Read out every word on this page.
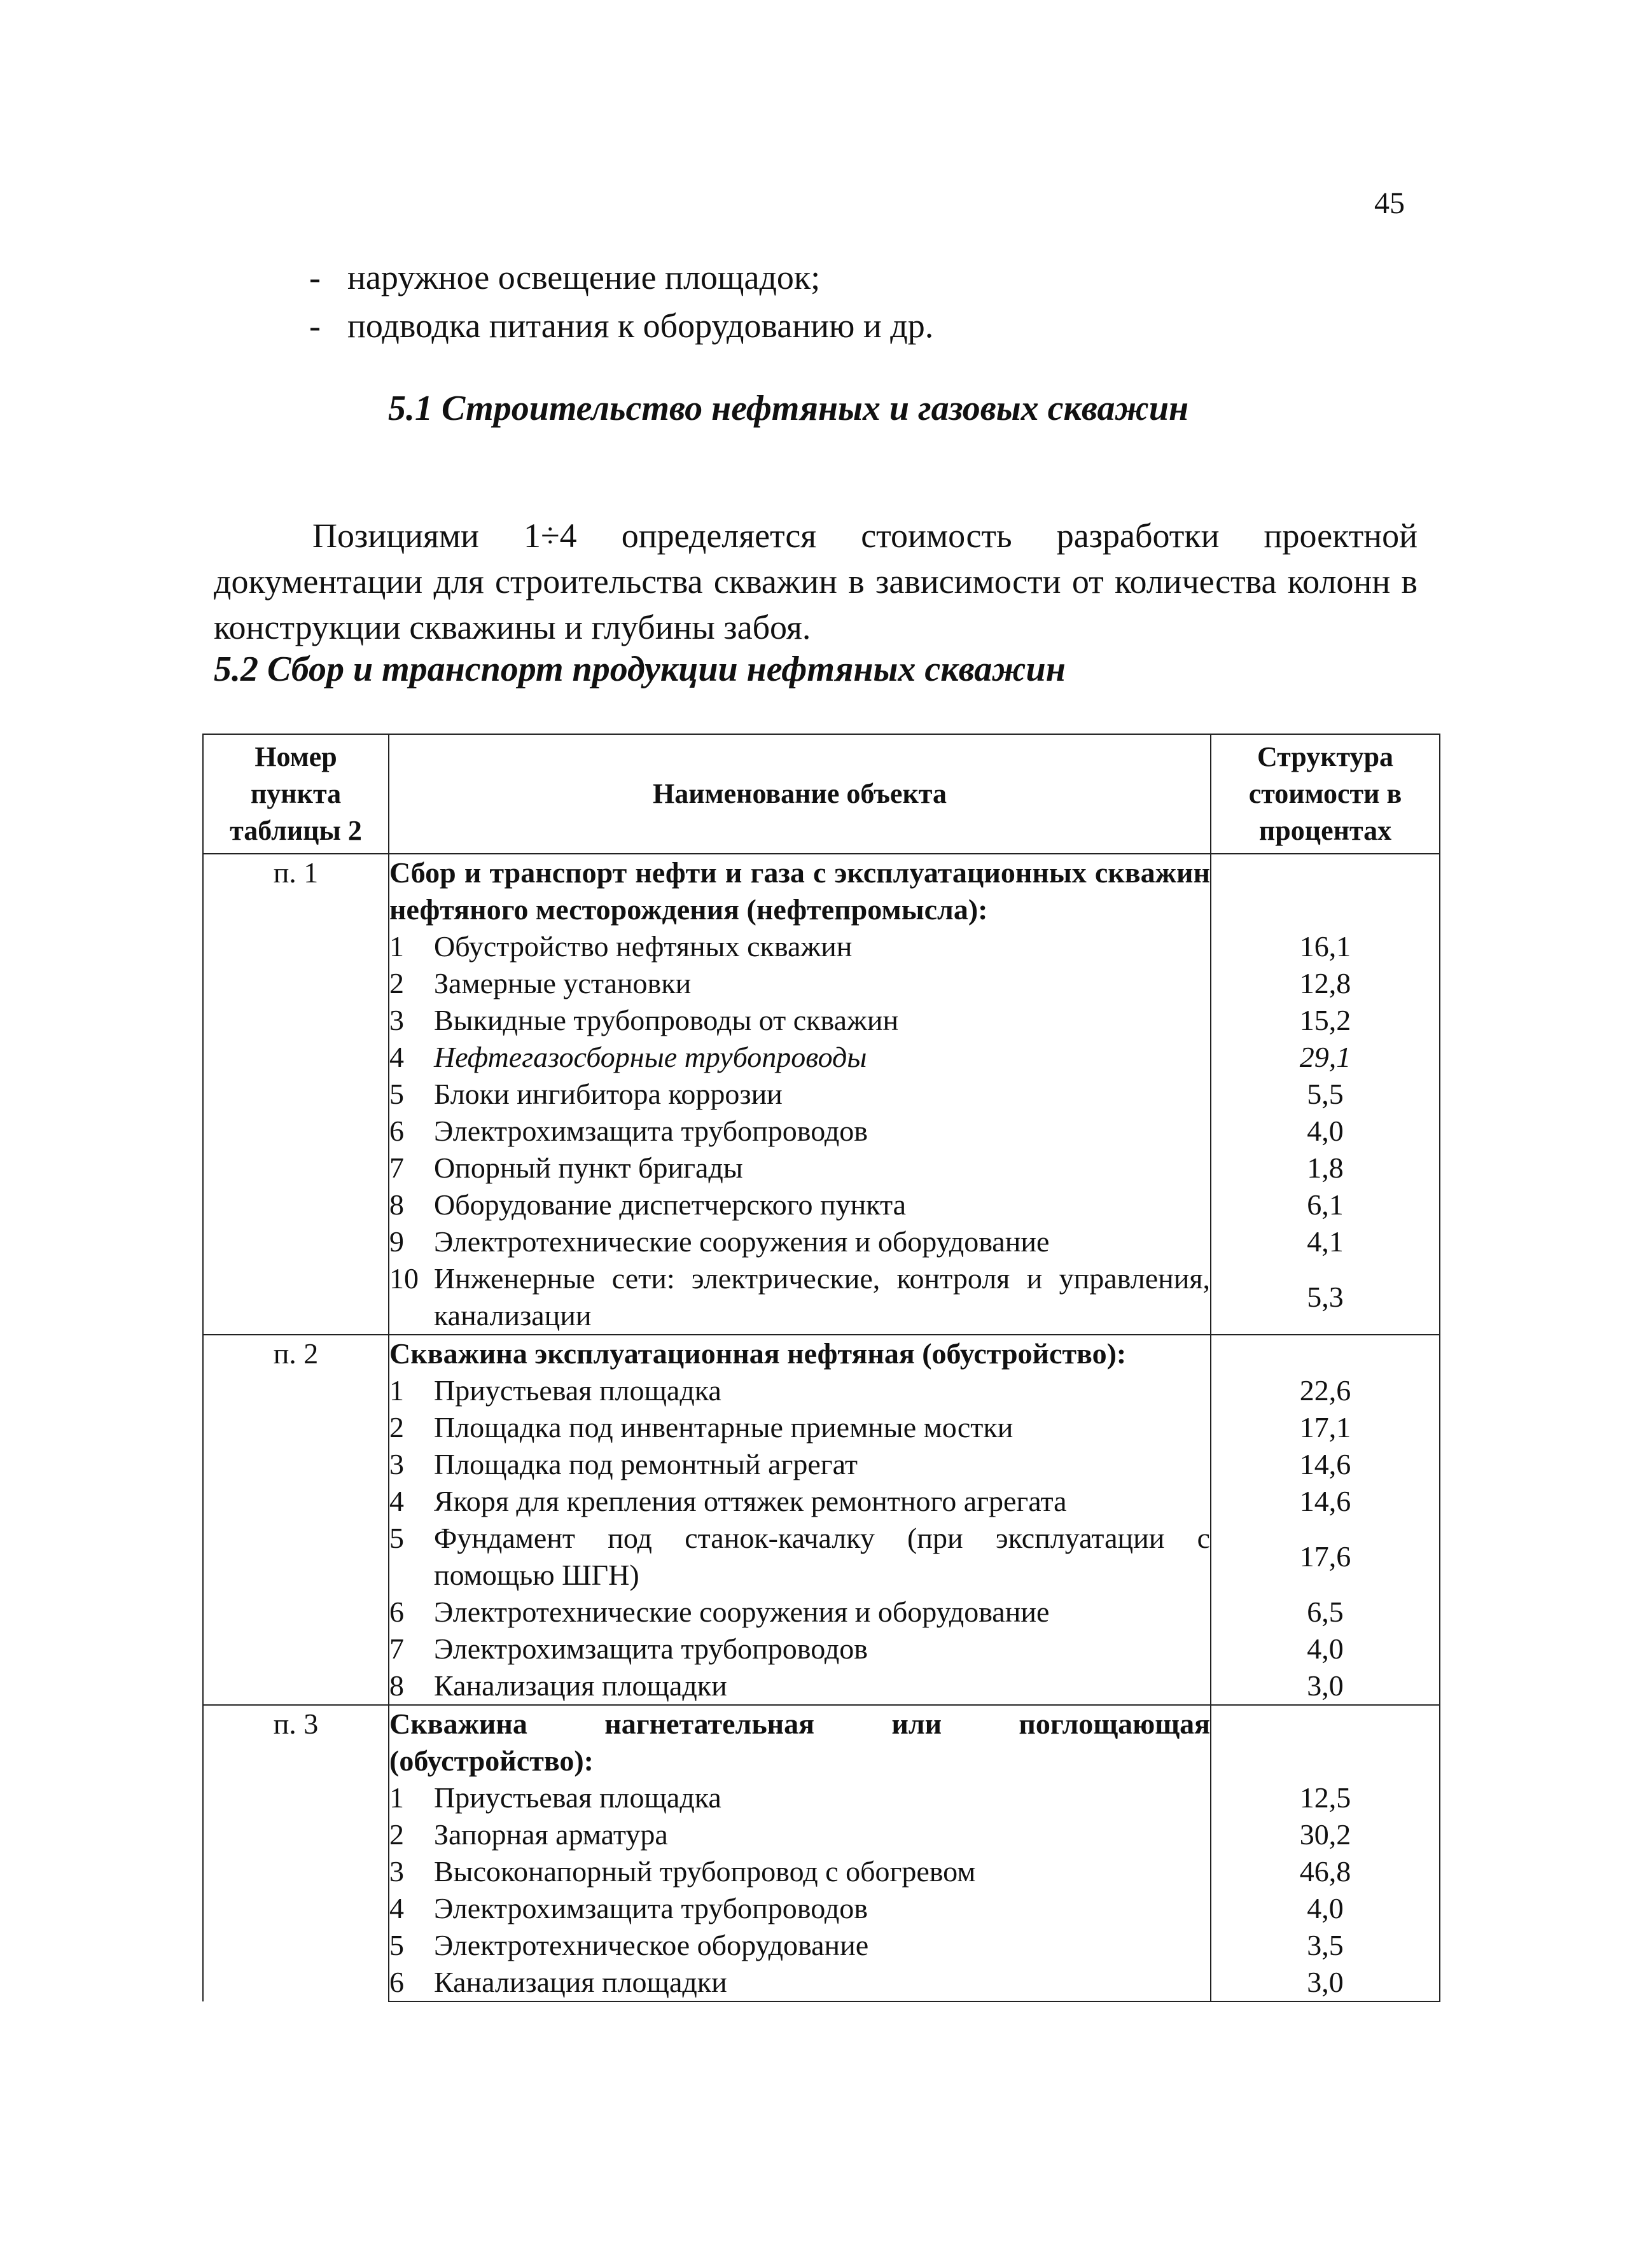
45
- наружное освещение площадок;
- подводка питания к оборудованию и др.
5.1 Строительство нефтяных и газовых скважин

Позициями 1÷4 определяется стоимость разработки проектной документации для строительства скважин в зависимости от количества колонн в конструкции скважины и глубины забоя.

5.2 Сбор и транспорт продукции нефтяных скважин
Номер пункта таблицы 2	Наименование объекта	Структура стоимости в процентах
п. 1	Сбор и транспорт нефти и газа с эксплуатационных скважин нефтяного месторождения (нефтепромысла):	

	1 Обустройство нефтяных скважин	16,1

	2 Замерные установки	12,8

	3 Выкидные трубопроводы от скважин	15,2

	4 Нефтегазосборные трубопроводы	29,1

	5 Блоки ингибитора коррозии	5,5

	6 Электрохимзащита трубопроводов	4,0

	7 Опорный пункт бригады	1,8

	8 Оборудование диспетчерского пункта	6,1

	9 Электротехнические сооружения и оборудование	4,1

	10 Инженерные сети: электрические, контроля и управления, канализации	5,3
п. 2	Скважина эксплуатационная нефтяная (обустройство):	

	1 Приустьевая площадка	22,6

	2 Площадка под инвентарные приемные мостки	17,1

	3 Площадка под ремонтный агрегат	14,6

	4 Якоря для крепления оттяжек ремонтного агрегата	14,6

	5 Фундамент под станок-качалку (при эксплуатации с помощью ШГН)	17,6

	6 Электротехнические сооружения и оборудование	6,5

	7 Электрохимзащита трубопроводов	4,0

	8 Канализация площадки	3,0
п. 3	Скважина нагнетательная или поглощающая (обустройство):	

	1 Приустьевая площадка	12,5

	2 Запорная арматура	30,2

	3 Высоконапорный трубопровод с обогревом	46,8

	4 Электрохимзащита трубопроводов	4,0

	5 Электротехническое оборудование	3,5

	6 Канализация площадки	3,0
